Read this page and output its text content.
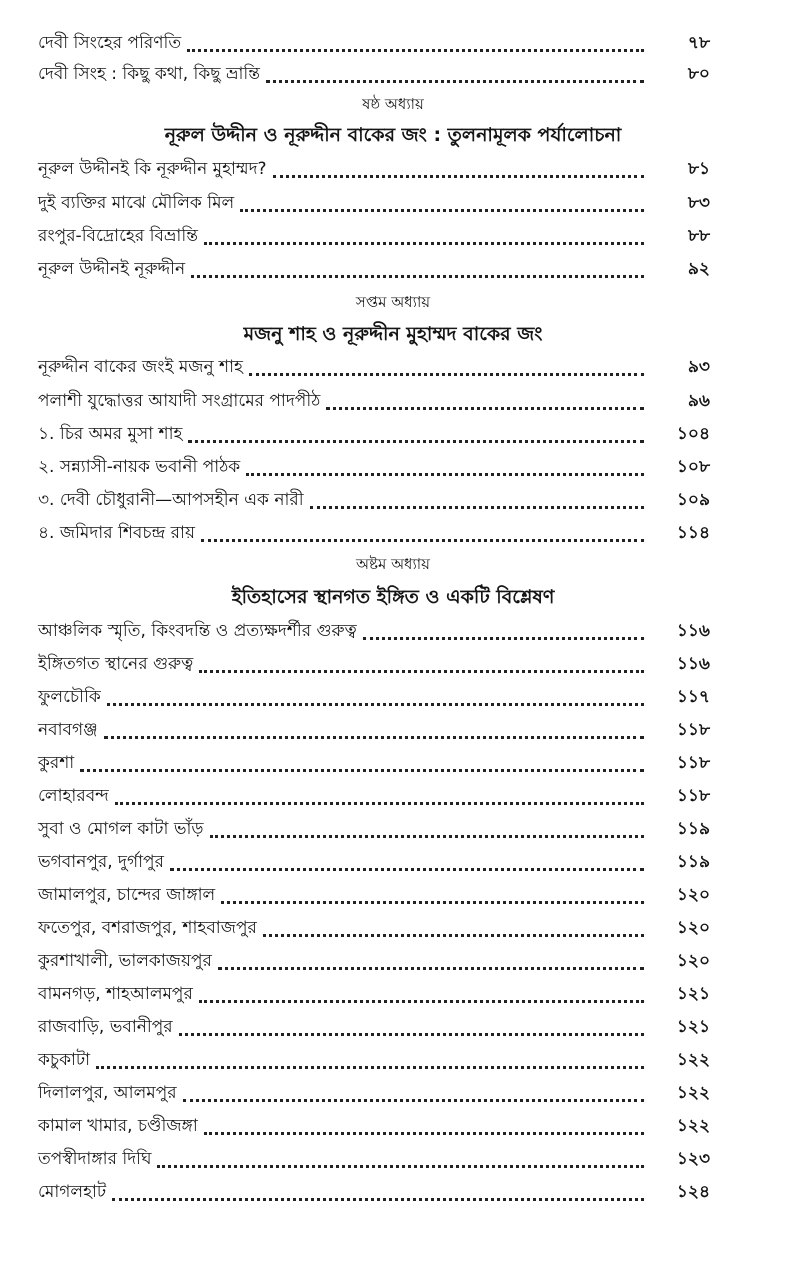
দেবী সিংহের পরিণতি	৭৮
দেবী সিংহ : কিছু কথা, কিছু ভ্রান্তি	৮০
ষষ্ঠ অধ্যায়
নূরুল উদ্দীন ও নূরুদ্দীন বাকের জং : তুলনামূলক পর্যালোচনা
নূরুল উদ্দীনই কি নূরুদ্দীন মুহাম্মদ?	৮১
দুই ব্যক্তির মাঝে মৌলিক মিল	৮৩
রংপুর-বিদ্রোহের বিভ্রান্তি	৮৮
নূরুল উদ্দীনই নূরুদ্দীন	৯২
সপ্তম অধ্যায়
মজনু শাহ ও নূরুদ্দীন মুহাম্মদ বাকের জং
নূরুদ্দীন বাকের জংই মজনু শাহ	৯৩
পলাশী যুদ্ধোত্তর আযাদী সংগ্রামের পাদপীঠ	৯৬
১. চির অমর মুসা শাহ	১০৪
২. সন্ন্যাসী-নায়ক ভবানী পাঠক	১০৮
৩. দেবী চৌধুরানী—আপসহীন এক নারী	১০৯
৪. জমিদার শিবচন্দ্র রায়	১১৪
অষ্টম অধ্যায়
ইতিহাসের স্থানগত ইঙ্গিত ও একটি বিশ্লেষণ
আঞ্চলিক স্মৃতি, কিংবদন্তি ও প্রত্যক্ষদর্শীর গুরুত্ব	১১৬
ইঙ্গিতগত স্থানের গুরুত্ব	১১৬
ফুলচৌকি	১১৭
নবাবগঞ্জ	১১৮
কুরশা	১১৮
লোহারবন্দ	১১৮
সুবা ও মোগল কাটা ভাঁড়	১১৯
ভগবানপুর, দুর্গাপুর	১১৯
জামালপুর, চান্দের জাঙ্গাল	১২০
ফতেপুর, বশরাজপুর, শাহবাজপুর	১২০
কুরশাখালী, ভালকাজয়পুর	১২০
বামনগড়, শাহআলমপুর	১২১
রাজবাড়ি, ভবানীপুর	১২১
কচুকাটা	১২২
দিলালপুর, আলমপুর	১২২
কামাল খামার, চণ্ডীজঙ্গা	১২২
তপস্বীদাঙ্গার দিঘি	১২৩
মোগলহাট	১২৪
